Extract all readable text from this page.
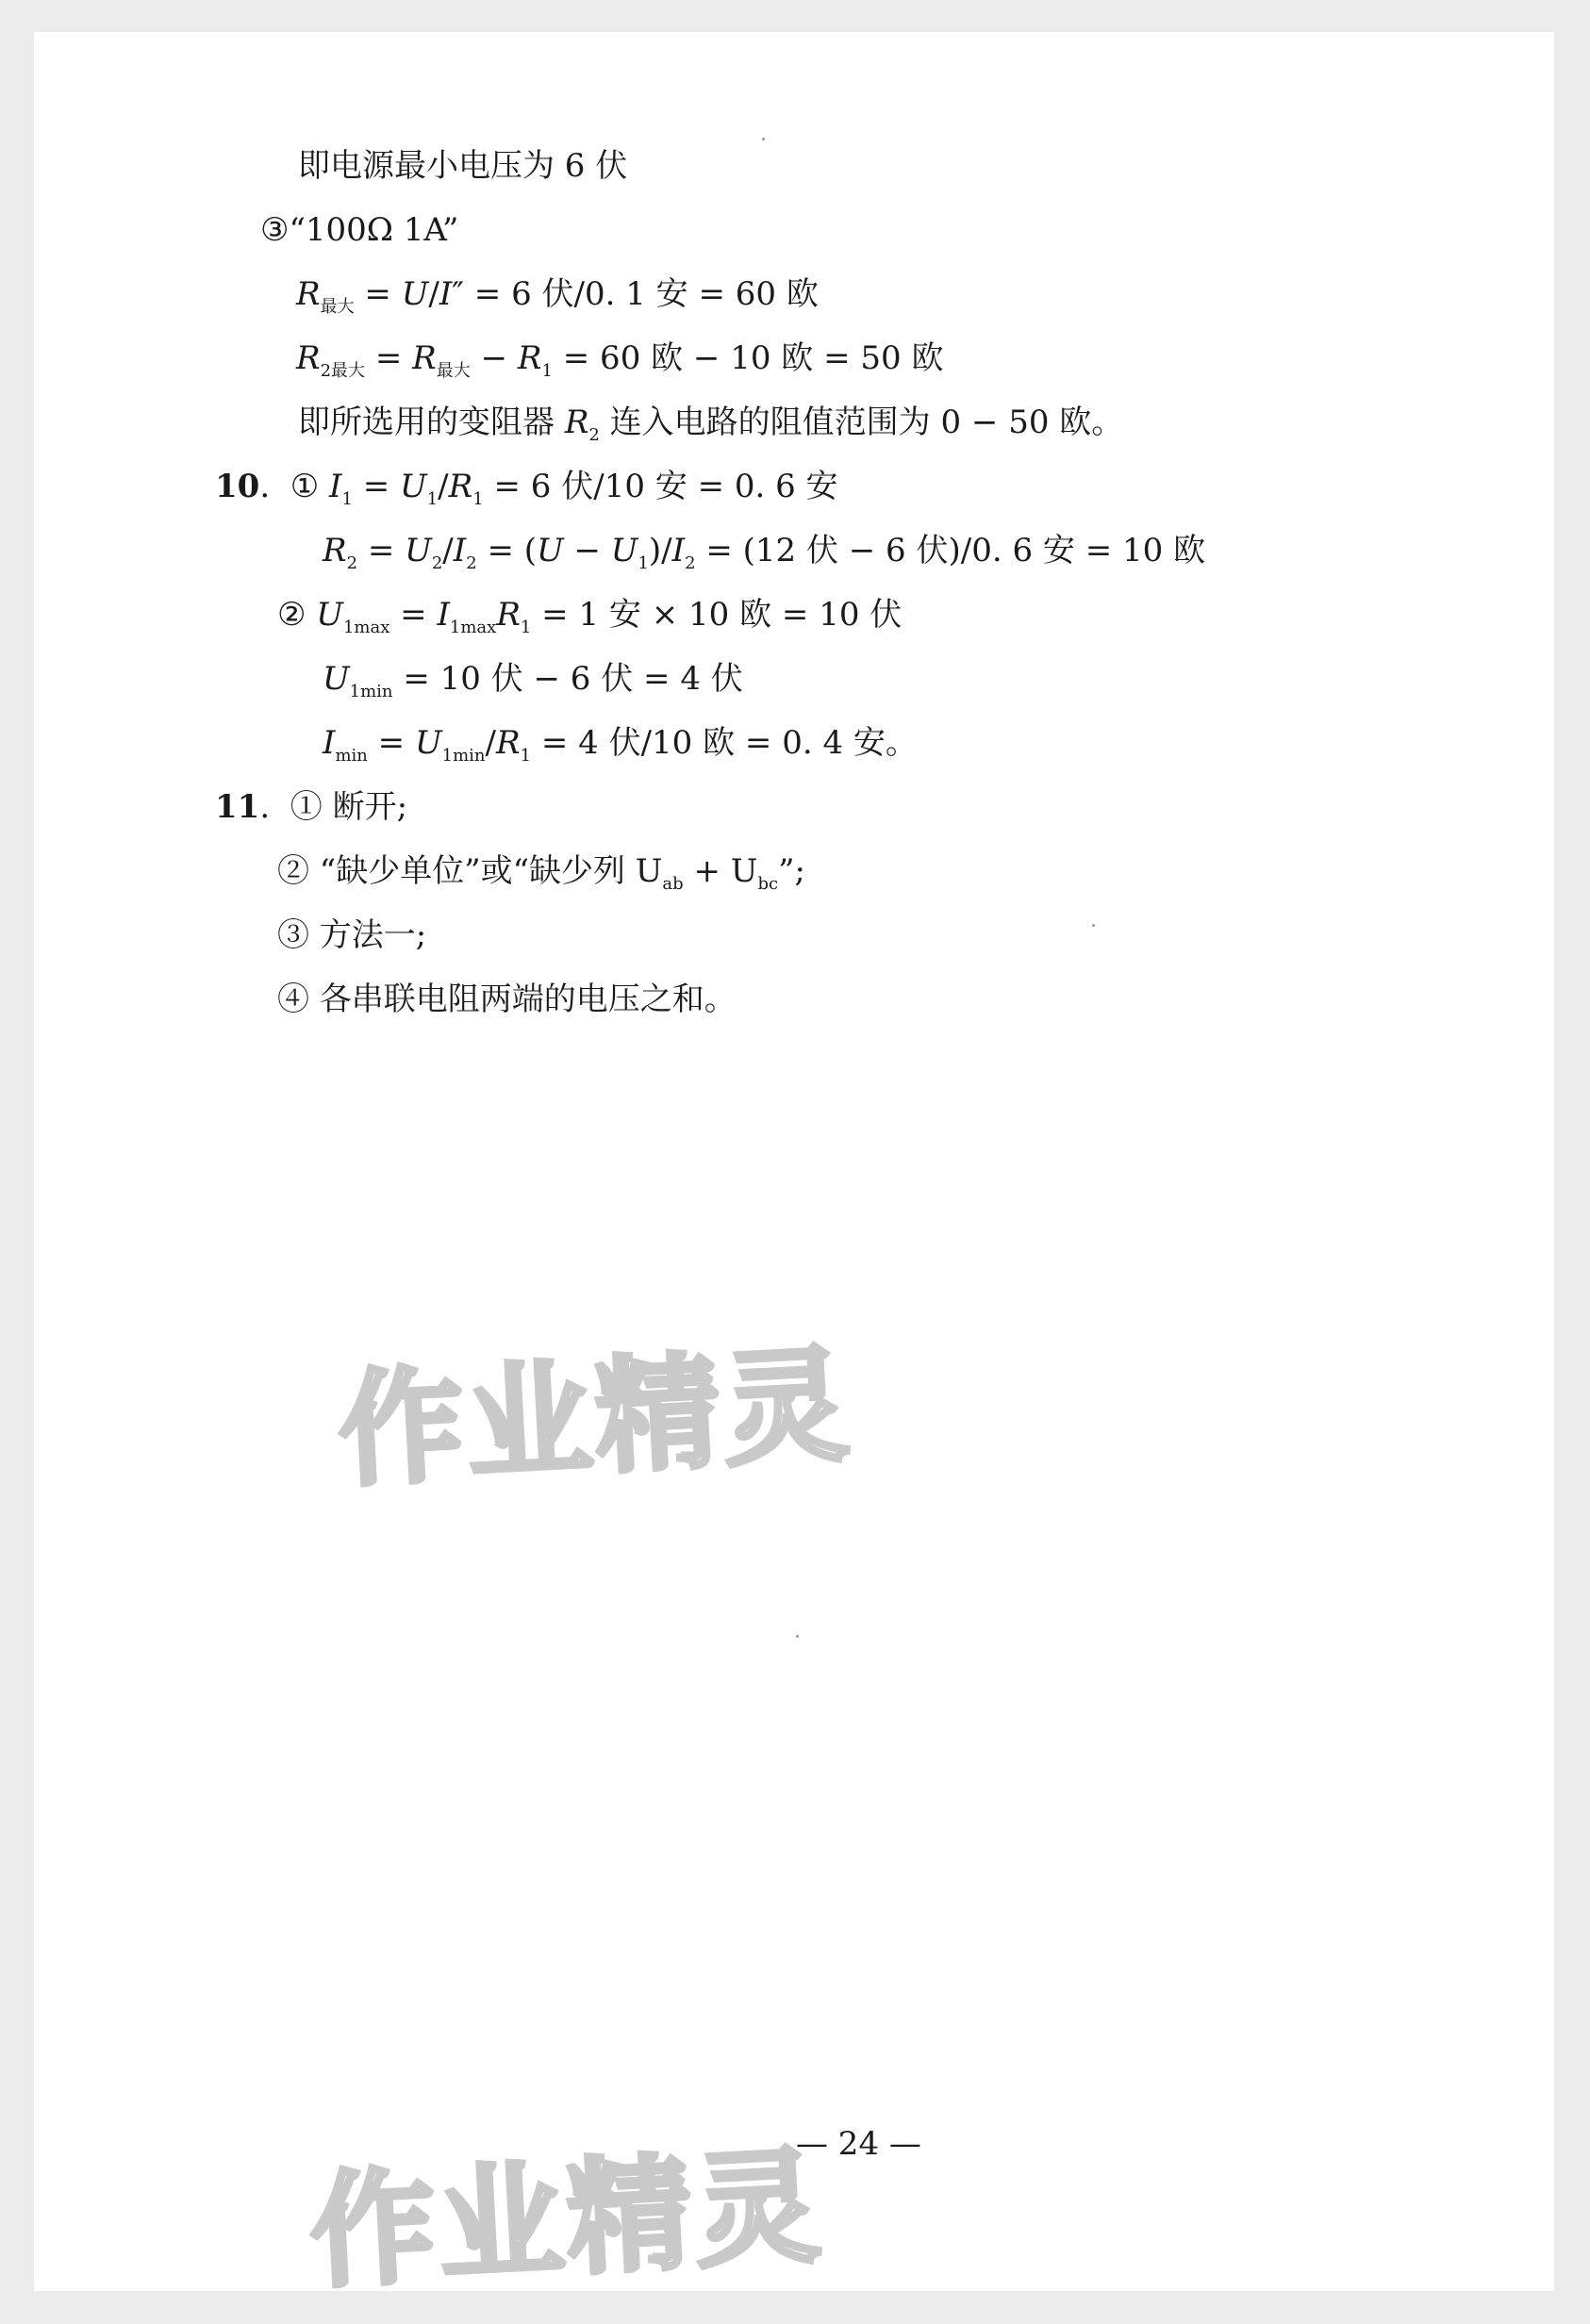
即电源最小电压为 6 伏
③“100Ω 1A”
$R_{最大} = U/I'' = 6$ 伏/0. 1 安 = 60 欧
$R_{2最大} = R_{最大} - R_1 = 60$ 欧 − 10 欧 = 50 欧
即所选用的变阻器 $R_2$ 连入电路的阻值范围为 0 − 50 欧。
10.  ① $I_1 = U_1/R_1 = 6$ 伏/10 安 = 0. 6 安
$R_2 = U_2/I_2 = (U - U_1)/I_2 = (12$ 伏 − 6 伏)/0. 6 安 = 10 欧
② $U_{1max} = I_{1max}R_1 = 1$ 安 × 10 欧 = 10 伏
$U_{1min} = 10$ 伏 − 6 伏 = 4 伏
$I_{min} = U_{1min}/R_1 = 4$ 伏/10 欧 = 0. 4 安。
11.  ① 断开;
② “缺少单位”或“缺少列 $U_{ab} + U_{bc}$”;
③ 方法一;
④ 各串联电阻两端的电压之和。
作业精灵
作业精灵
— 24 —
